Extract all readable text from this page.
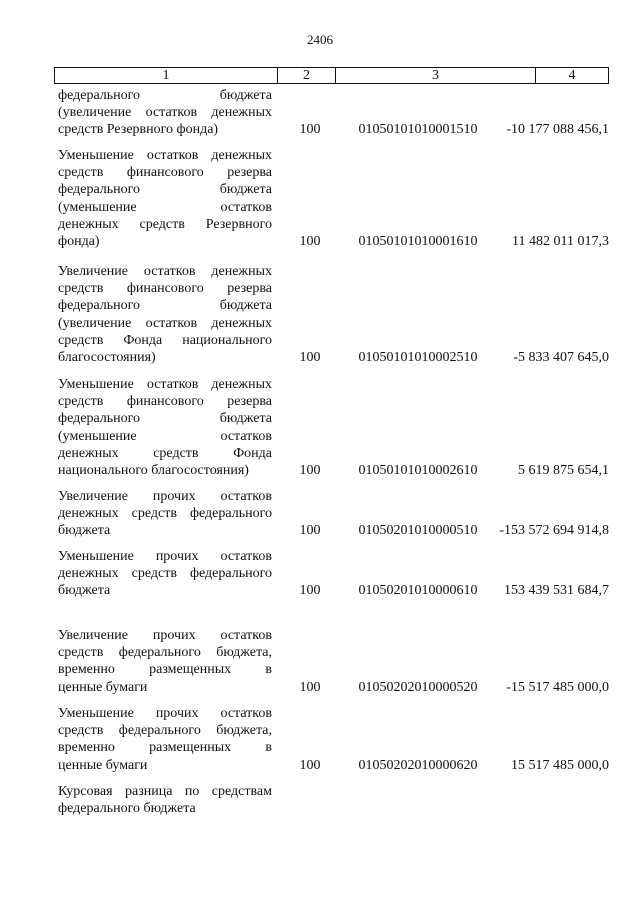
2406
1	2	3	4
федерального бюджета
(увеличение остатков денежных
средств Резервного фонда)	100	01050101010001510	-10 177 088 456,1
Уменьшение остатков денежных
средств финансового резерва
федерального бюджета
(уменьшение остатков
денежных средств Резервного
фонда)	100	01050101010001610	11 482 011 017,3
Увеличение остатков денежных
средств финансового резерва
федерального бюджета
(увеличение остатков денежных
средств Фонда национального
благосостояния)	100	01050101010002510	-5 833 407 645,0
Уменьшение остатков денежных
средств финансового резерва
федерального бюджета
(уменьшение остатков
денежных средств Фонда
национального благосостояния)	100	01050101010002610	5 619 875 654,1
Увеличение прочих остатков
денежных средств федерального
бюджета	100	01050201010000510	-153 572 694 914,8
Уменьшение прочих остатков
денежных средств федерального
бюджета	100	01050201010000610	153 439 531 684,7
Увеличение прочих остатков
средств федерального бюджета,
временно размещенных в
ценные бумаги	100	01050202010000520	-15 517 485 000,0
Уменьшение прочих остатков
средств федерального бюджета,
временно размещенных в
ценные бумаги	100	01050202010000620	15 517 485 000,0
Курсовая разница по средствам
федерального бюджета
